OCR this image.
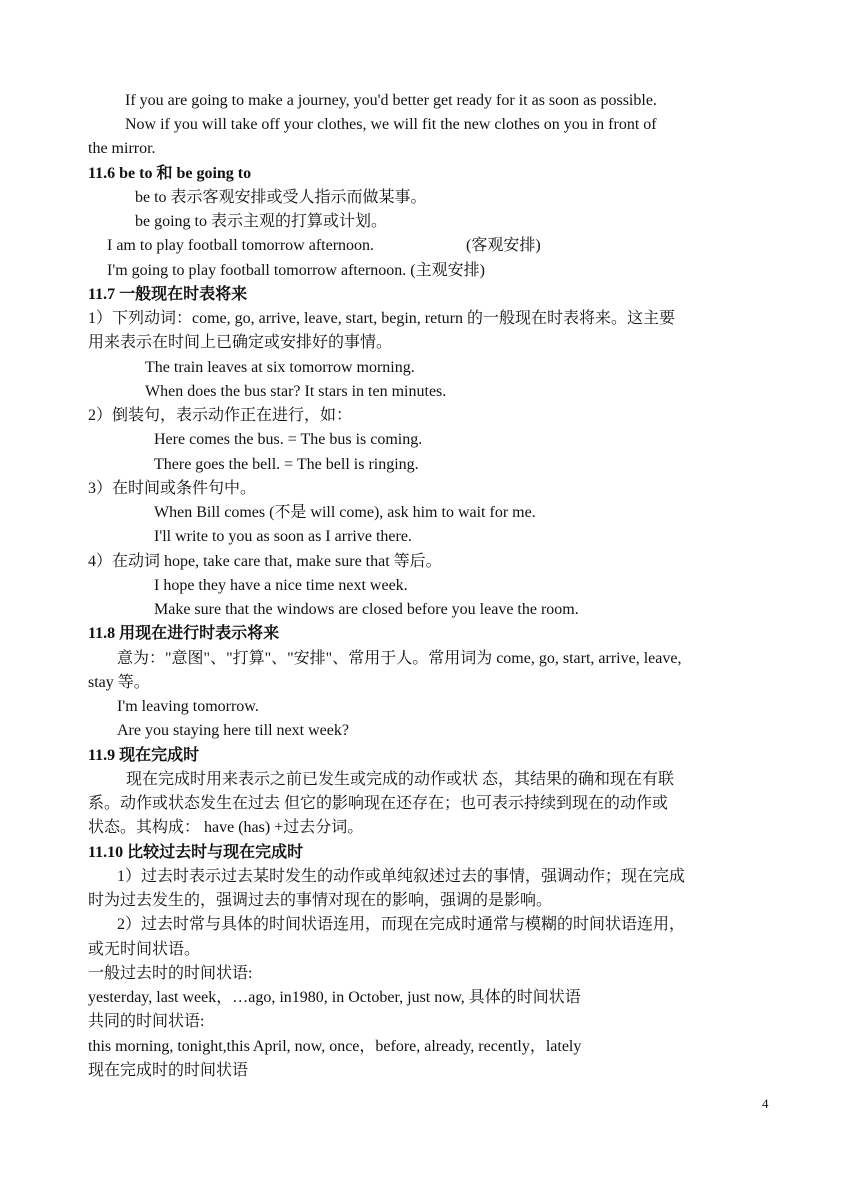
If you are going to make a journey, you'd better get ready for it as soon as possible.
Now if you will take off your clothes, we will fit the new clothes on you in front of
the mirror.
11.6 be to 和 be going to
be to 表示客观安排或受人指示而做某事。
be going to 表示主观的打算或计划。
I am to play football tomorrow afternoon.	(客观安排)
I'm going to play football tomorrow afternoon. (主观安排)
11.7 一般现在时表将来
1）下列动词：come, go, arrive, leave, start, begin, return 的一般现在时表将来。这主要
用来表示在时间上已确定或安排好的事情。
The train leaves at six tomorrow morning.
When does the bus star? It stars in ten minutes.
2）倒装句，表示动作正在进行，如：
Here comes the bus. = The bus is coming.
There goes the bell. = The bell is ringing.
3）在时间或条件句中。
When Bill comes (不是 will come), ask him to wait for me.
I'll write to you as soon as I arrive there.
4）在动词 hope, take care that, make sure that 等后。
I hope they have a nice time next week.
Make sure that the windows are closed before you leave the room.
11.8 用现在进行时表示将来
意为："意图"、"打算"、"安排"、常用于人。常用词为 come, go, start, arrive, leave,
stay 等。
I'm leaving tomorrow.
Are you staying here till next week?
11.9 现在完成时
现在完成时用来表示之前已发生或完成的动作或状 态，其结果的确和现在有联
系。动作或状态发生在过去 但它的影响现在还存在；也可表示持续到现在的动作或
状态。其构成： have (has) +过去分词。
11.10 比较过去时与现在完成时
1）过去时表示过去某时发生的动作或单纯叙述过去的事情，强调动作；现在完成
时为过去发生的，强调过去的事情对现在的影响，强调的是影响。
2）过去时常与具体的时间状语连用，而现在完成时通常与模糊的时间状语连用，
或无时间状语。
一般过去时的时间状语:
yesterday, last week，…ago, in1980, in October, just now, 具体的时间状语
共同的时间状语:
this morning, tonight,this April, now, once，before, already, recently，lately
现在完成时的时间状语
4
